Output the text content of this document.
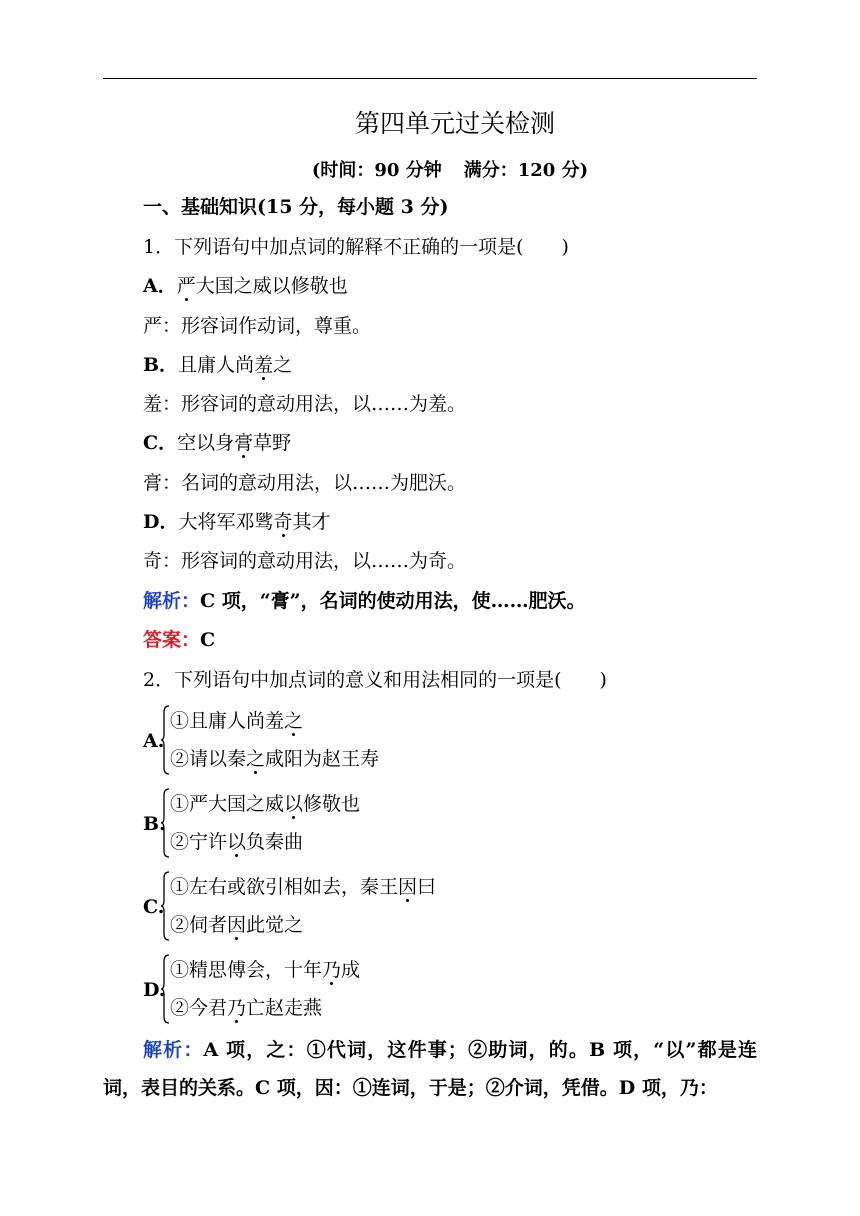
第四单元过关检测
(时间：90 分钟 满分：120 分)
一、基础知识(15 分，每小题 3 分)
1．下列语句中加点词的解释不正确的一项是(　　)
A．严大国之威以修敬也
严：形容词作动词，尊重。
B．且庸人尚羞之
羞：形容词的意动用法，以……为羞。
C．空以身膏草野
膏：名词的意动用法，以……为肥沃。
D．大将军邓骘奇其才
奇：形容词的意动用法，以……为奇。
解析：C 项，“膏”，名词的使动用法，使……肥沃。
答案：C
2．下列语句中加点词的意义和用法相同的一项是(　　)
A.
①且庸人尚羞之
②请以秦之咸阳为赵王寿
B.
①严大国之威以修敬也
②宁许以负秦曲
C.
①左右或欲引相如去，秦王因曰
②伺者因此觉之
D.
①精思傅会，十年乃成
②今君乃亡赵走燕
解析：A 项，之：①代词，这件事；②助词，的。B 项，“以”都是连词，表目的关系。C 项，因：①连词，于是；②介词，凭借。D 项，乃：
